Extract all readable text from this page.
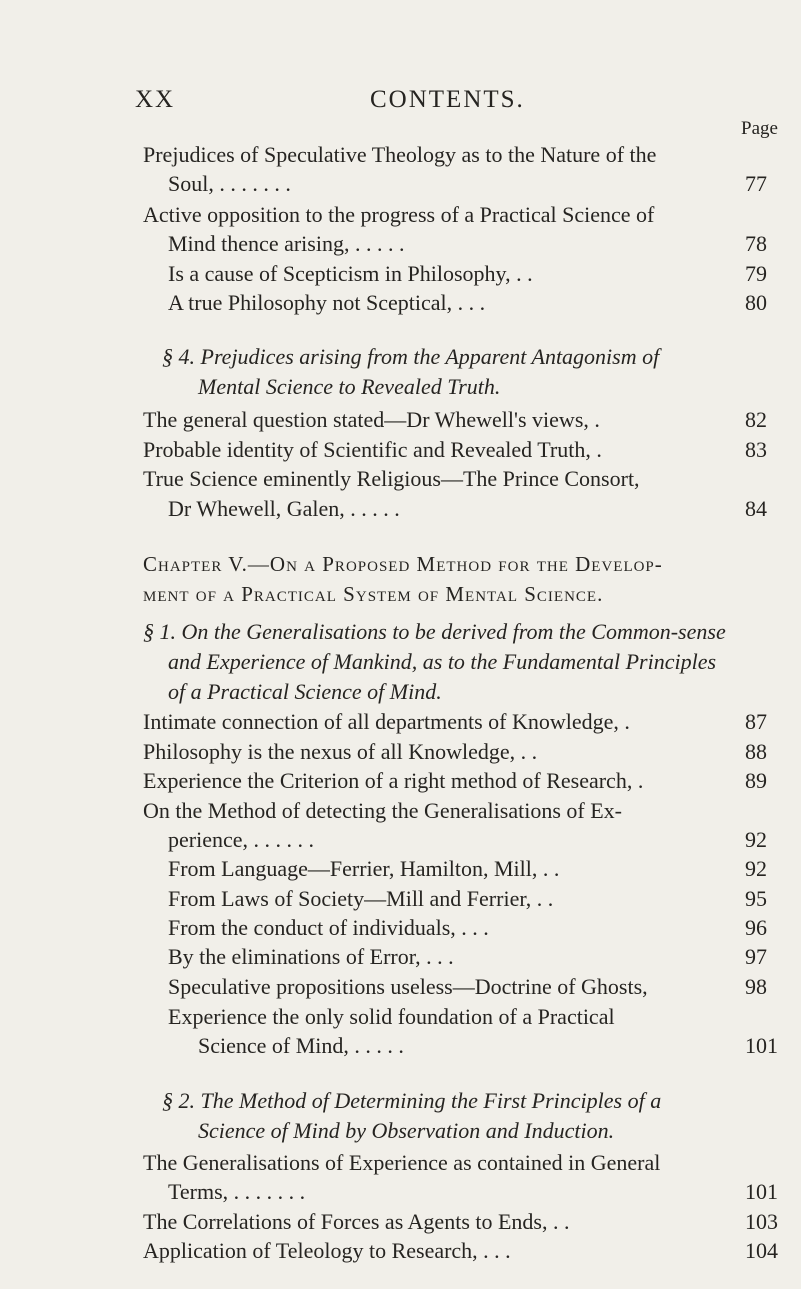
XX	CONTENTS.
Page
Prejudices of Speculative Theology as to the Nature of the
Soul, . . . . . . .	77
Active opposition to the progress of a Practical Science of
Mind thence arising, . . . . .	78
Is a cause of Scepticism in Philosophy, . .	79
A true Philosophy not Sceptical, . . .	80
§ 4. Prejudices arising from the Apparent Antagonism of
Mental Science to Revealed Truth.
The general question stated—Dr Whewell's views, .	82
Probable identity of Scientific and Revealed Truth, .	83
True Science eminently Religious—The Prince Consort,
Dr Whewell, Galen, . . . . .	84
Chapter V.—On a Proposed Method for the Develop-
ment of a Practical System of Mental Science.
§ 1. On the Generalisations to be derived from the Common-sense
and Experience of Mankind, as to the Fundamental Principles
of a Practical Science of Mind.
Intimate connection of all departments of Knowledge, .	87
Philosophy is the nexus of all Knowledge, . .	88
Experience the Criterion of a right method of Research, .	89
On the Method of detecting the Generalisations of Ex-
perience, . . . . . .	92
From Language—Ferrier, Hamilton, Mill, . .	92
From Laws of Society—Mill and Ferrier, . .	95
From the conduct of individuals, . . .	96
By the eliminations of Error, . . .	97
Speculative propositions useless—Doctrine of Ghosts,	98
Experience the only solid foundation of a Practical
Science of Mind, . . . . .	101
§ 2. The Method of Determining the First Principles of a
Science of Mind by Observation and Induction.
The Generalisations of Experience as contained in General
Terms, . . . . . . .	101
The Correlations of Forces as Agents to Ends, . .	103
Application of Teleology to Research, . . .	104
